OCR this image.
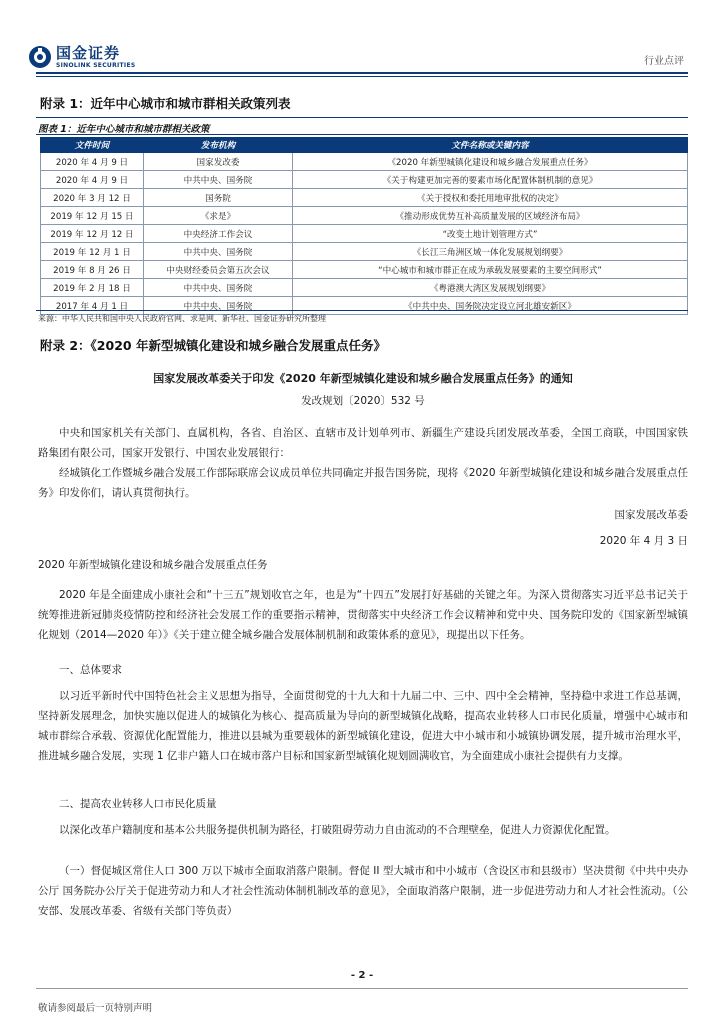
国金证券
SINOLINK SECURITIES	行业点评
附录 1：近年中心城市和城市群相关政策列表
图表 1：近年中心城市和城市群相关政策
文件时间	发布机构	文件名称或关键内容
2020 年 4 月 9 日	国家发改委	《2020 年新型城镇化建设和城乡融合发展重点任务》
2020 年 4 月 9 日	中共中央、国务院	《关于构建更加完善的要素市场化配置体制机制的意见》
2020 年 3 月 12 日	国务院	《关于授权和委托用地审批权的决定》
2019 年 12 月 15 日	《求是》	《推动形成优势互补高质量发展的区域经济布局》
2019 年 12 月 12 日	中央经济工作会议	“改变土地计划管理方式”
2019 年 12 月 1 日	中共中央、国务院	《长江三角洲区域一体化发展规划纲要》
2019 年 8 月 26 日	中央财经委员会第五次会议	“中心城市和城市群正在成为承载发展要素的主要空间形式”
2019 年 2 月 18 日	中共中央、国务院	《粤港澳大湾区发展规划纲要》
2017 年 4 月 1 日	中共中央、国务院	《中共中央、国务院决定设立河北雄安新区》
来源：中华人民共和国中央人民政府官网、求是网、新华社、国金证券研究所整理
附录 2：《2020 年新型城镇化建设和城乡融合发展重点任务》
国家发展改革委关于印发《2020 年新型城镇化建设和城乡融合发展重点任务》的通知

发改规划〔2020〕532 号

中央和国家机关有关部门、直属机构，各省、自治区、直辖市及计划单列市、新疆生产建设兵团发展改革委，全国工商联，中国国家铁路集团有限公司，国家开发银行、中国农业发展银行：

经城镇化工作暨城乡融合发展工作部际联席会议成员单位共同确定并报告国务院，现将《2020 年新型城镇化建设和城乡融合发展重点任务》印发你们，请认真贯彻执行。

国家发展改革委

2020 年 4 月 3 日

2020 年新型城镇化建设和城乡融合发展重点任务

2020 年是全面建成小康社会和“十三五”规划收官之年，也是为“十四五”发展打好基础的关键之年。为深入贯彻落实习近平总书记关于统筹推进新冠肺炎疫情防控和经济社会发展工作的重要指示精神，贯彻落实中央经济工作会议精神和党中央、国务院印发的《国家新型城镇化规划（2014—2020 年）》《关于建立健全城乡融合发展体制机制和政策体系的意见》，现提出以下任务。

一、总体要求

以习近平新时代中国特色社会主义思想为指导，全面贯彻党的十九大和十九届二中、三中、四中全会精神，坚持稳中求进工作总基调，坚持新发展理念，加快实施以促进人的城镇化为核心、提高质量为导向的新型城镇化战略，提高农业转移人口市民化质量，增强中心城市和城市群综合承载、资源优化配置能力，推进以县城为重要载体的新型城镇化建设，促进大中小城市和小城镇协调发展，提升城市治理水平，推进城乡融合发展，实现 1 亿非户籍人口在城市落户目标和国家新型城镇化规划圆满收官，为全面建成小康社会提供有力支撑。

二、提高农业转移人口市民化质量

以深化改革户籍制度和基本公共服务提供机制为路径，打破阻碍劳动力自由流动的不合理壁垒，促进人力资源优化配置。

（一）督促城区常住人口 300 万以下城市全面取消落户限制。督促 II 型大城市和中小城市（含设区市和县级市）坚决贯彻《中共中央办公厅 国务院办公厅关于促进劳动力和人才社会性流动体制机制改革的意见》，全面取消落户限制，进一步促进劳动力和人才社会性流动。（公安部、发展改革委、省级有关部门等负责）

- 2 -
敬请参阅最后一页特别声明
